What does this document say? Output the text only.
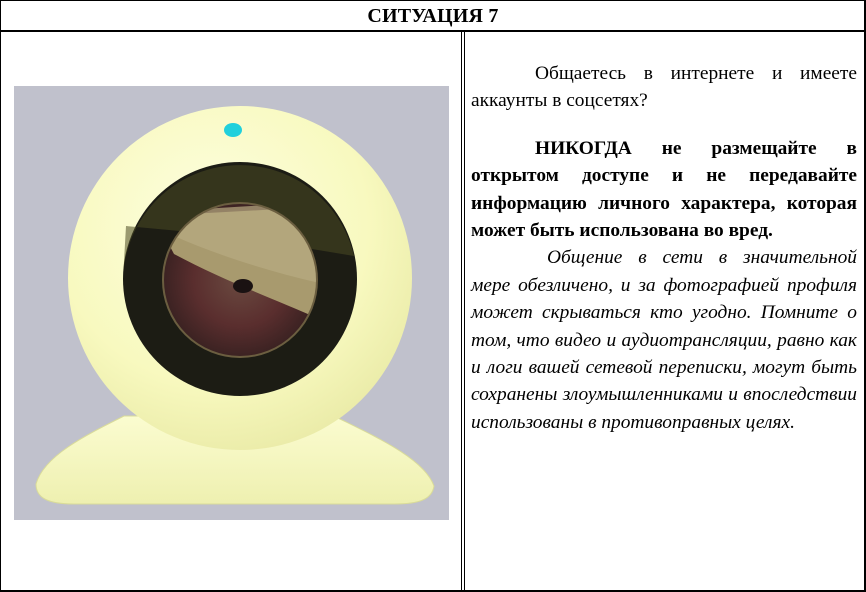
СИТУАЦИЯ 7

Общаетесь в интернете и имеете аккаунты в соцсетях?

НИКОГДА не размещайте в открытом доступе и не передавайте информацию личного характера, которая может быть использована во вред.

Общение в сети в значительной мере обезличено, и за фотографией профиля может скрываться кто угодно. Помните о том, что видео и аудиотрансляции, равно как и логи вашей сетевой переписки, могут быть сохранены злоумышленниками и впоследствии использованы в противоправных целях.
